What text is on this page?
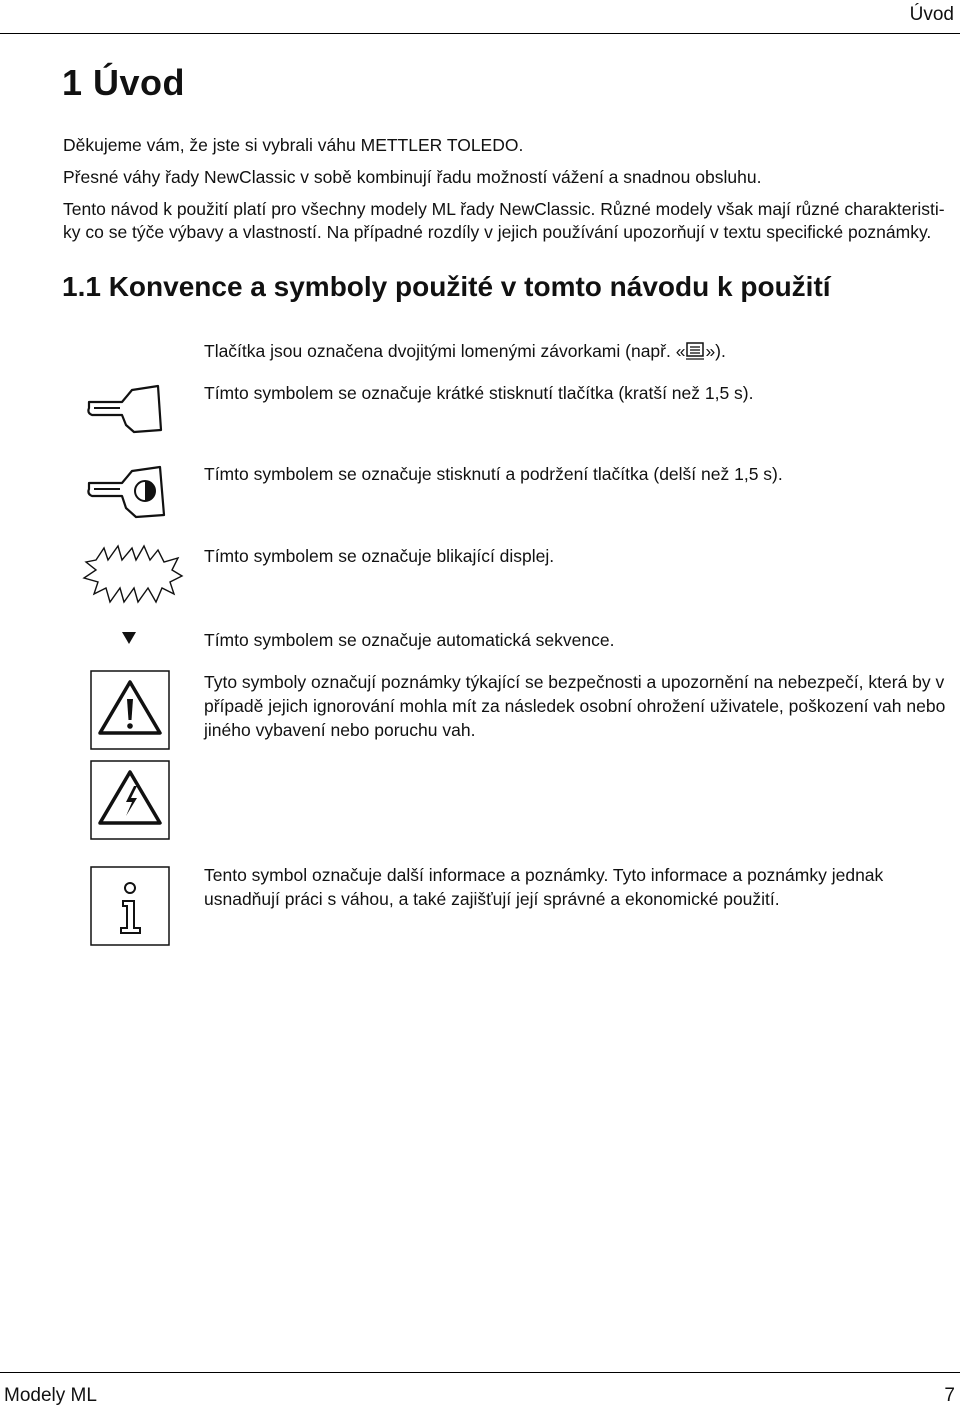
Úvod
1 Úvod

Děkujeme vám, že jste si vybrali váhu METTLER TOLEDO.

Přesné váhy řady NewClassic v sobě kombinují řadu možností vážení a snadnou obsluhu.

Tento návod k použití platí pro všechny modely ML řady NewClassic. Různé modely však mají různé charakteristi-

ky co se týče výbavy a vlastností. Na případné rozdíly v jejich používání upozorňují v textu specifické poznámky.

1.1 Konvence a symboly použité v tomto návodu k použití
Tlačítka jsou označena dvojitými lomenými závorkami (např. « »).
Tímto symbolem se označuje krátké stisknutí tlačítka (kratší než 1,5 s).
Tímto symbolem se označuje stisknutí a podržení tlačítka (delší než 1,5 s).
Tímto symbolem se označuje blikající displej.
Tímto symbolem se označuje automatická sekvence.
Tyto symboly označují poznámky týkající se bezpečnosti a upozornění na nebezpečí, která by v
případě jejich ignorování mohla mít za následek osobní ohrožení uživatele, poškození vah nebo
jiného vybavení nebo poruchu vah.
Tento symbol označuje další informace a poznámky. Tyto informace a poznámky jednak
usnadňují práci s váhou, a také zajišťují její správné a ekonomické použití.
Modely ML	7
